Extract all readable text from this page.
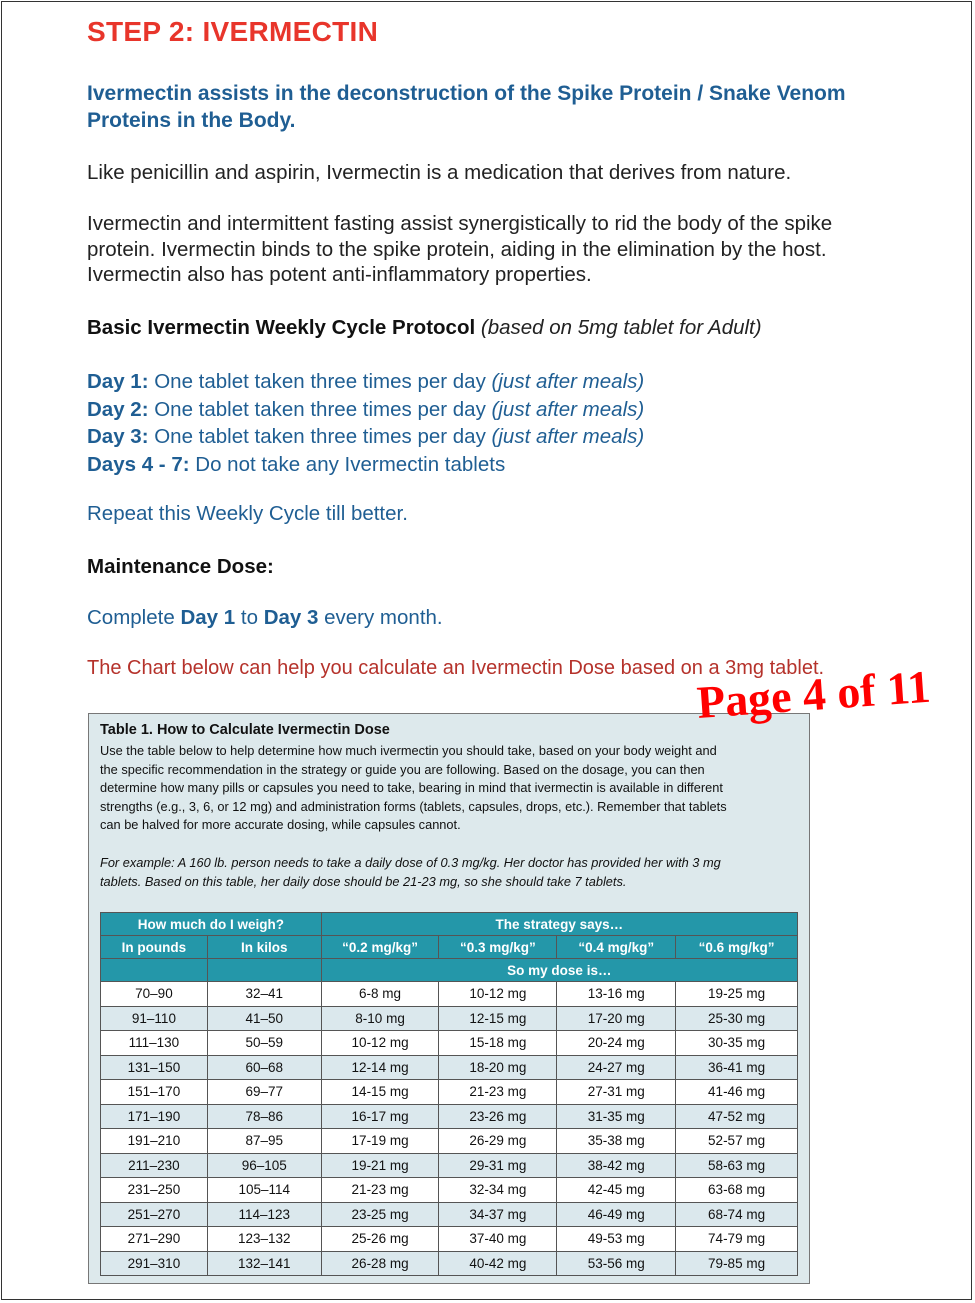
STEP 2: IVERMECTIN
Ivermectin assists in the deconstruction of the Spike Protein / Snake Venom Proteins in the Body.
Like penicillin and aspirin, Ivermectin is a medication that derives from nature.
Ivermectin and intermittent fasting assist synergistically to rid the body of the spike
protein. Ivermectin binds to the spike protein, aiding in the elimination by the host.
Ivermectin also has potent anti-inflammatory properties.
Basic Ivermectin Weekly Cycle Protocol (based on 5mg tablet for Adult)
Day 1: One tablet taken three times per day (just after meals)
Day 2: One tablet taken three times per day (just after meals)
Day 3: One tablet taken three times per day (just after meals)
Days 4 - 7: Do not take any Ivermectin tablets
Repeat this Weekly Cycle till better.
Maintenance Dose:
Complete Day 1 to Day 3 every month.
The Chart below can help you calculate an Ivermectin Dose based on a 3mg tablet.
Page 4 of 11
Table 1. How to Calculate Ivermectin Dose
Use the table below to help determine how much ivermectin you should take, based on your body weight and
the specific recommendation in the strategy or guide you are following. Based on the dosage, you can then
determine how many pills or capsules you need to take, bearing in mind that ivermectin is available in different
strengths (e.g., 3, 6, or 12 mg) and administration forms (tablets, capsules, drops, etc.). Remember that tablets
can be halved for more accurate dosing, while capsules cannot.
For example: A 160 lb. person needs to take a daily dose of 0.3 mg/kg. Her doctor has provided her with 3 mg
tablets. Based on this table, her daily dose should be 21-23 mg, so she should take 7 tablets.
How much do I weigh?		The strategy says…			
In pounds	In kilos	“0.2 mg/kg”	“0.3 mg/kg”	“0.4 mg/kg”	“0.6 mg/kg”
		So my dose is…			
70–90	32–41	6-8 mg	10-12 mg	13-16 mg	19-25 mg
91–110	41–50	8-10 mg	12-15 mg	17-20 mg	25-30 mg
111–130	50–59	10-12 mg	15-18 mg	20-24 mg	30-35 mg
131–150	60–68	12-14 mg	18-20 mg	24-27 mg	36-41 mg
151–170	69–77	14-15 mg	21-23 mg	27-31 mg	41-46 mg
171–190	78–86	16-17 mg	23-26 mg	31-35 mg	47-52 mg
191–210	87–95	17-19 mg	26-29 mg	35-38 mg	52-57 mg
211–230	96–105	19-21 mg	29-31 mg	38-42 mg	58-63 mg
231–250	105–114	21-23 mg	32-34 mg	42-45 mg	63-68 mg
251–270	114–123	23-25 mg	34-37 mg	46-49 mg	68-74 mg
271–290	123–132	25-26 mg	37-40 mg	49-53 mg	74-79 mg
291–310	132–141	26-28 mg	40-42 mg	53-56 mg	79-85 mg
